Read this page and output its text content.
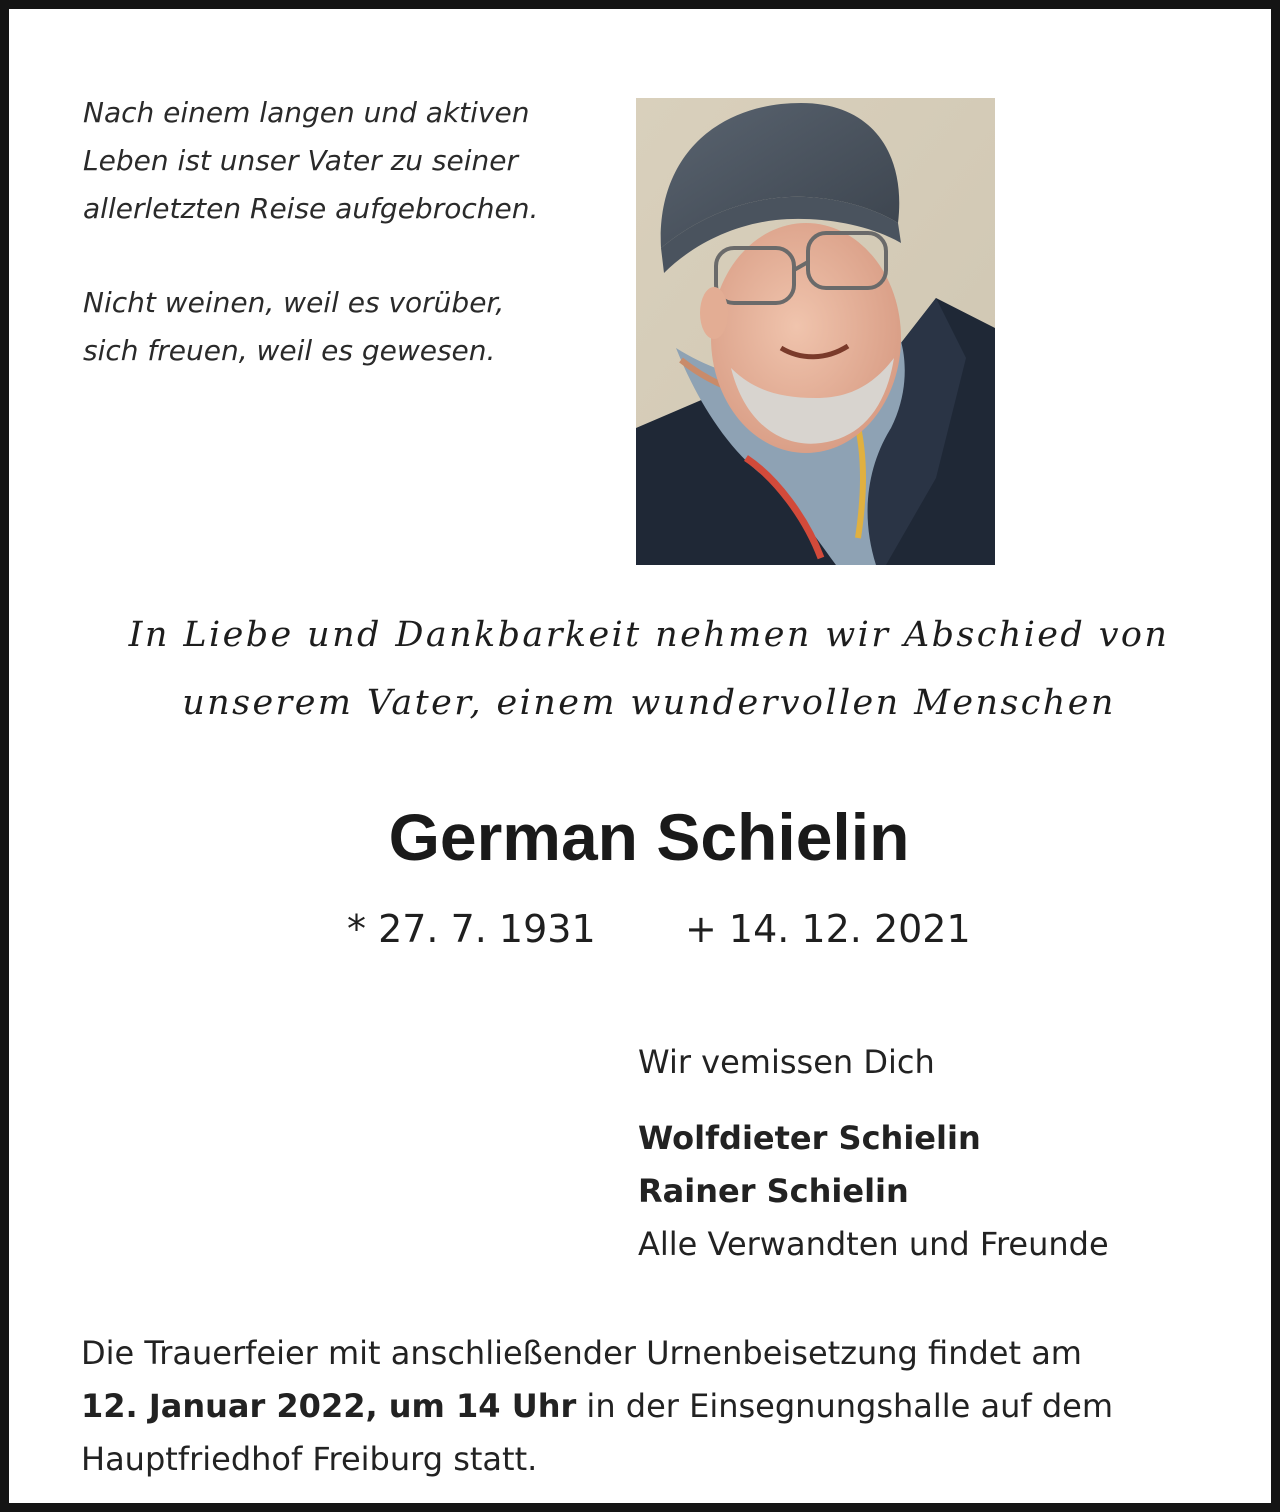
Nach einem langen und aktiven
Leben ist unser Vater zu seiner
allerletzten Reise aufgebrochen.

Nicht weinen, weil es vorüber,
sich freuen, weil es gewesen.

In Liebe und Dankbarkeit nehmen wir Abschied von

unserem Vater, einem wundervollen Menschen

German Schielin
* 27. 7. 1931 + 14. 12. 2021
Wir vemissen Dich
Wolfdieter Schielin
Rainer Schielin
Alle Verwandten und Freunde

Die Trauerfeier mit anschließender Urnenbeisetzung findet am
12. Januar 2022, um 14 Uhr in der Einsegnungshalle auf dem
Hauptfriedhof Freiburg statt.
